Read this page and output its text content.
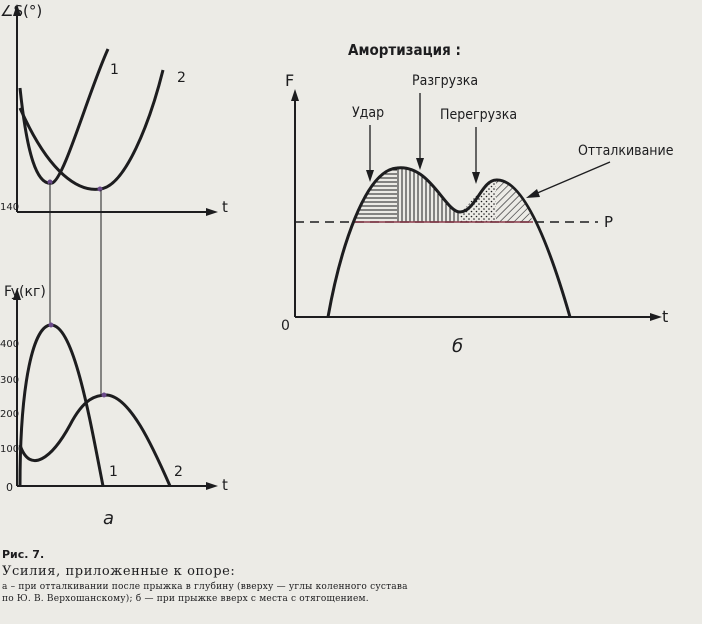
∠S(°)
140	t
1	2
Fy(кг)
400
300
200
100
0	t
1	2
а
Амортизация :
F
t
0
P
Удар
Разгрузка
Перегрузка
Отталкивание
б
Рис. 7.
Усилия, приложенные к опоре:
а – при отталкивании после прыжка в глубину (вверху — углы коленного сустава
по Ю. В. Верхошанскому); б — при прыжке вверх с места с отягощением.
